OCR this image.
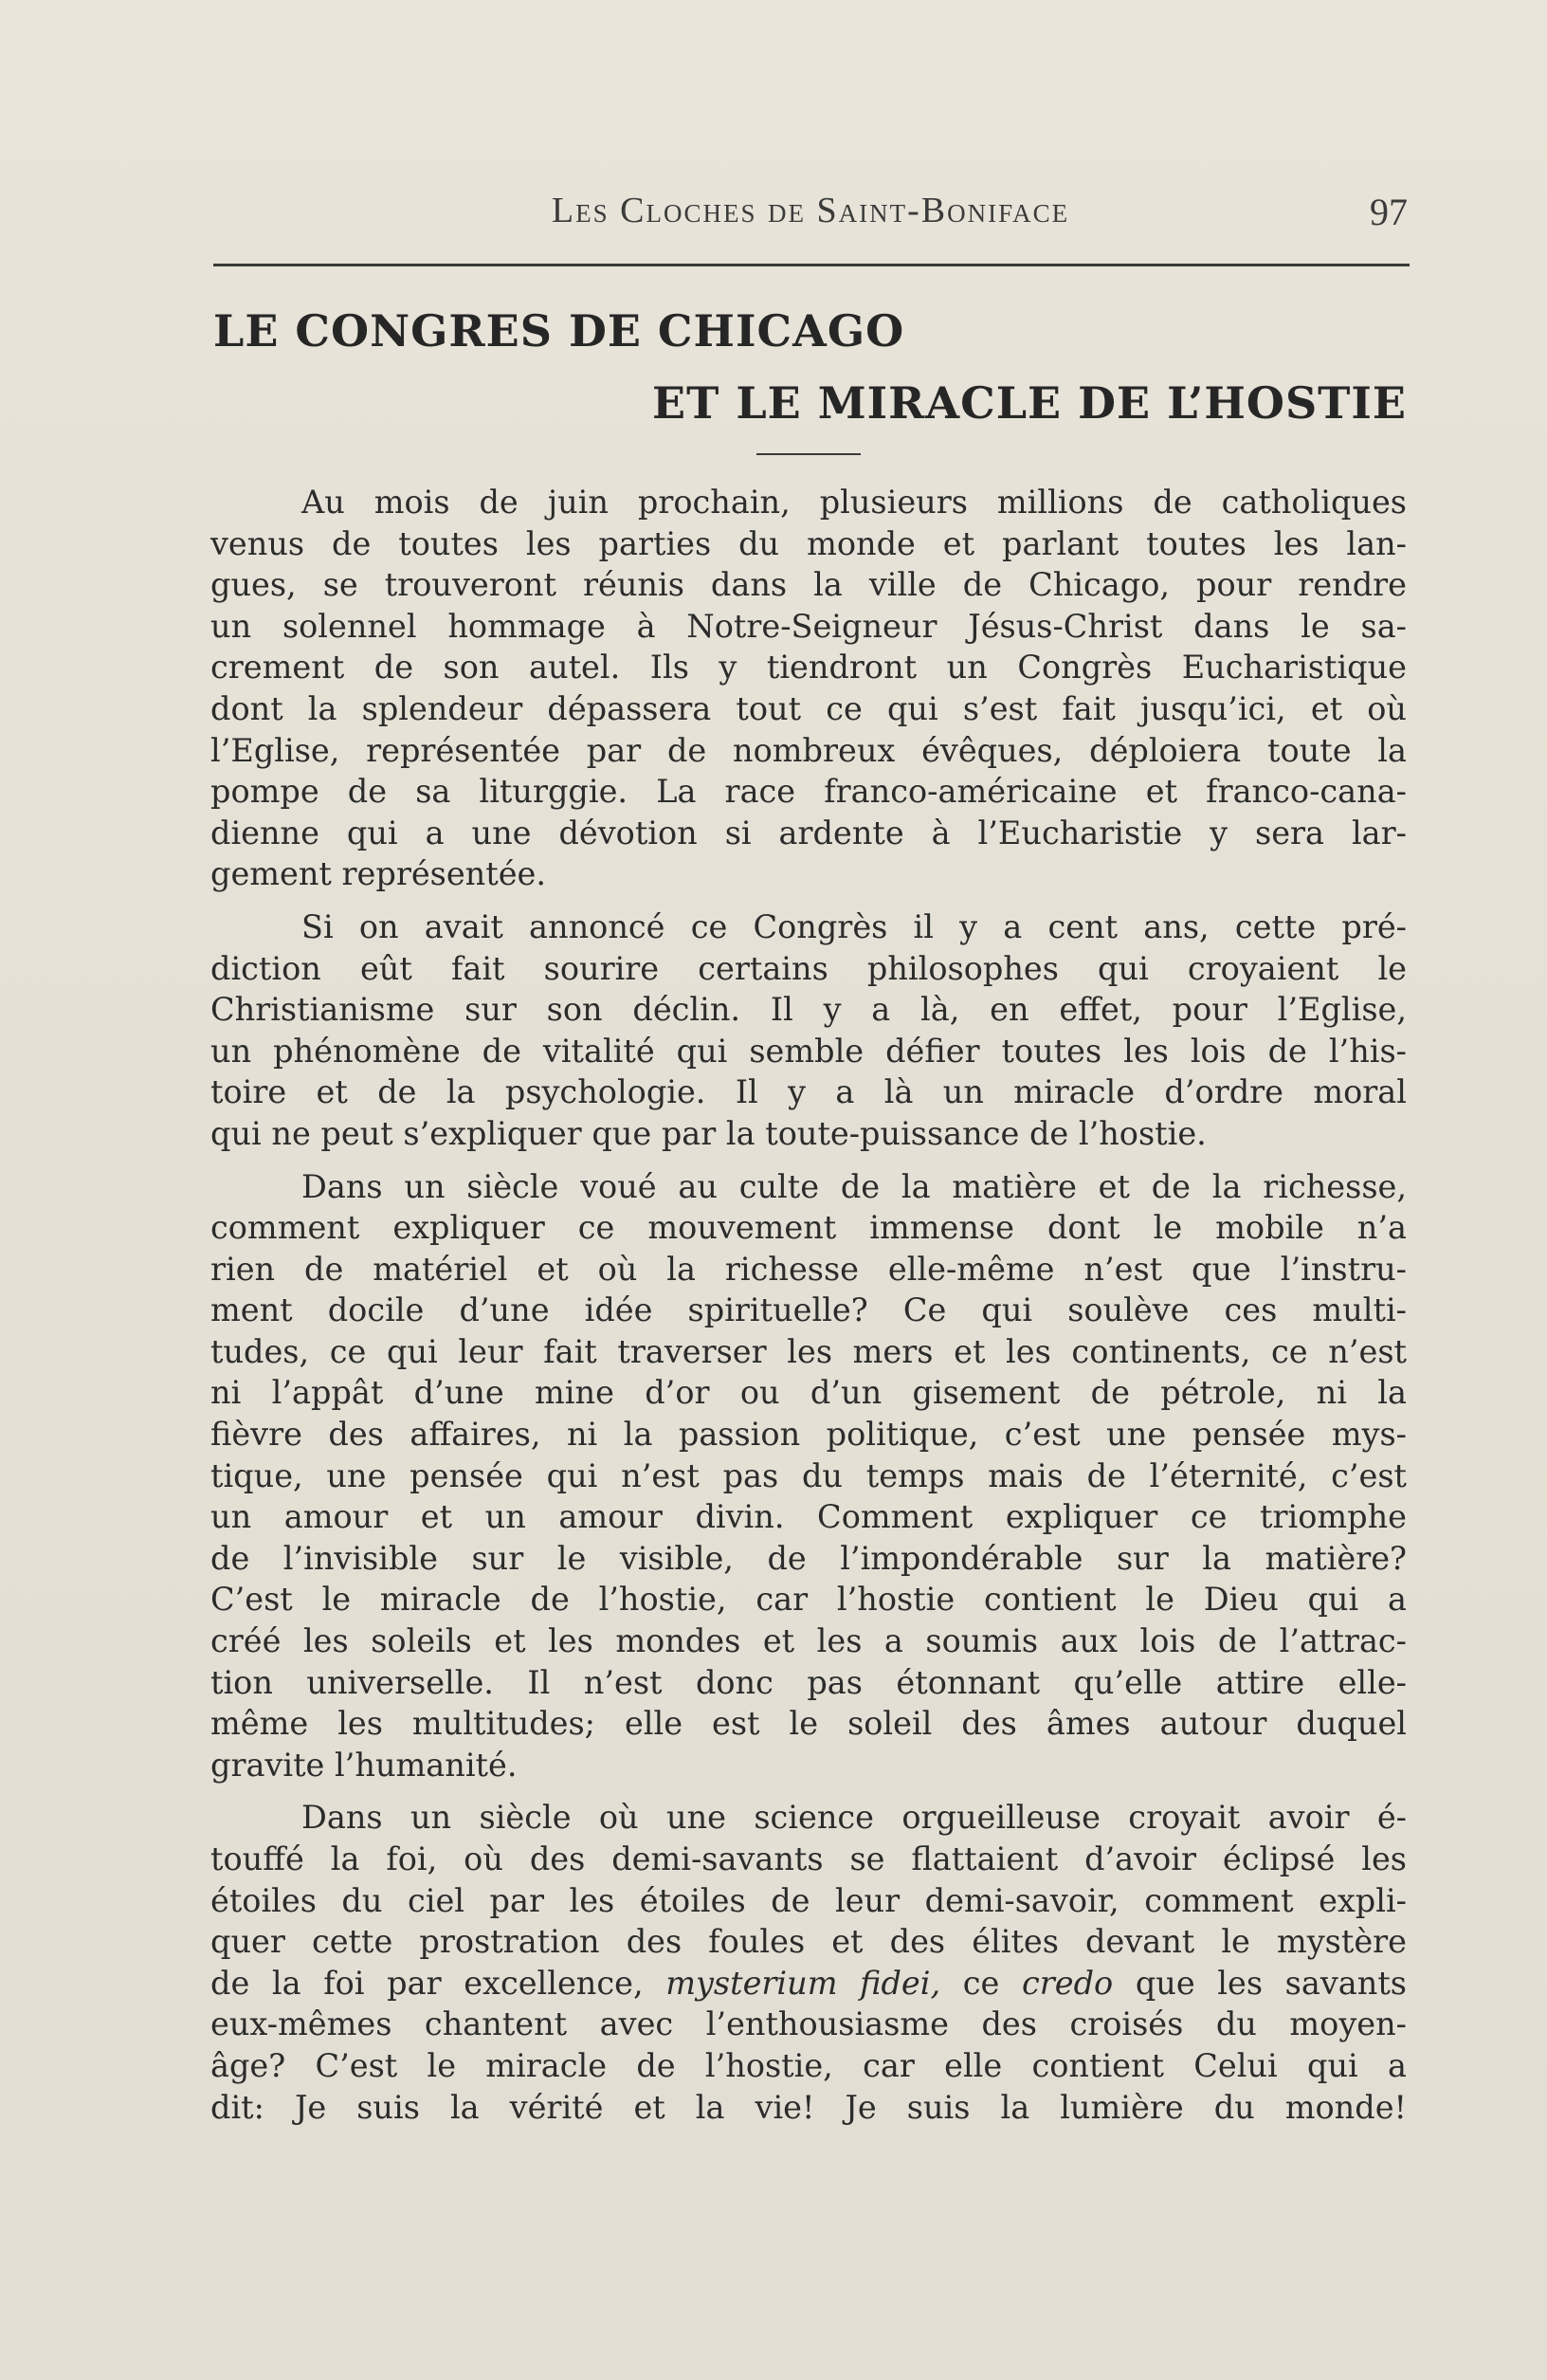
Les Cloches de Saint-Boniface	97
LE CONGRES DE CHICAGO
ET LE MIRACLE DE L’HOSTIE

Au mois de juin prochain, plusieurs millions de catholiques
venus de toutes les parties du monde et parlant toutes les lan-
gues, se trouveront réunis dans la ville de Chicago, pour rendre
un solennel hommage à Notre-Seigneur Jésus-Christ dans le sa-
crement de son autel. Ils y tiendront un Congrès Eucharistique
dont la splendeur dépassera tout ce qui s’est fait jusqu’ici, et où
l’Eglise, représentée par de nombreux évêques, déploiera toute la
pompe de sa liturggie. La race franco-américaine et franco-cana-
dienne qui a une dévotion si ardente à l’Eucharistie y sera lar-
gement représentée.

Si on avait annoncé ce Congrès il y a cent ans, cette pré-
diction eût fait sourire certains philosophes qui croyaient le
Christianisme sur son déclin. Il y a là, en effet, pour l’Eglise,
un phénomène de vitalité qui semble défier toutes les lois de l’his-
toire et de la psychologie. Il y a là un miracle d’ordre moral
qui ne peut s’expliquer que par la toute-puissance de l’hostie.

Dans un siècle voué au culte de la matière et de la richesse,
comment expliquer ce mouvement immense dont le mobile n’a
rien de matériel et où la richesse elle-même n’est que l’instru-
ment docile d’une idée spirituelle? Ce qui soulève ces multi-
tudes, ce qui leur fait traverser les mers et les continents, ce n’est
ni l’appât d’une mine d’or ou d’un gisement de pétrole, ni la
fièvre des affaires, ni la passion politique, c’est une pensée mys-
tique, une pensée qui n’est pas du temps mais de l’éternité, c’est
un amour et un amour divin. Comment expliquer ce triomphe
de l’invisible sur le visible, de l’impondérable sur la matière?
C’est le miracle de l’hostie, car l’hostie contient le Dieu qui a
créé les soleils et les mondes et les a soumis aux lois de l’attrac-
tion universelle. Il n’est donc pas étonnant qu’elle attire elle-
même les multitudes; elle est le soleil des âmes autour duquel
gravite l’humanité.

Dans un siècle où une science orgueilleuse croyait avoir é-
touffé la foi, où des demi-savants se flattaient d’avoir éclipsé les
étoiles du ciel par les étoiles de leur demi-savoir, comment expli-
quer cette prostration des foules et des élites devant le mystère
de la foi par excellence, mysterium fidei, ce credo que les savants
eux-mêmes chantent avec l’enthousiasme des croisés du moyen-
âge? C’est le miracle de l’hostie, car elle contient Celui qui a
dit: Je suis la vérité et la vie! Je suis la lumière du monde!
